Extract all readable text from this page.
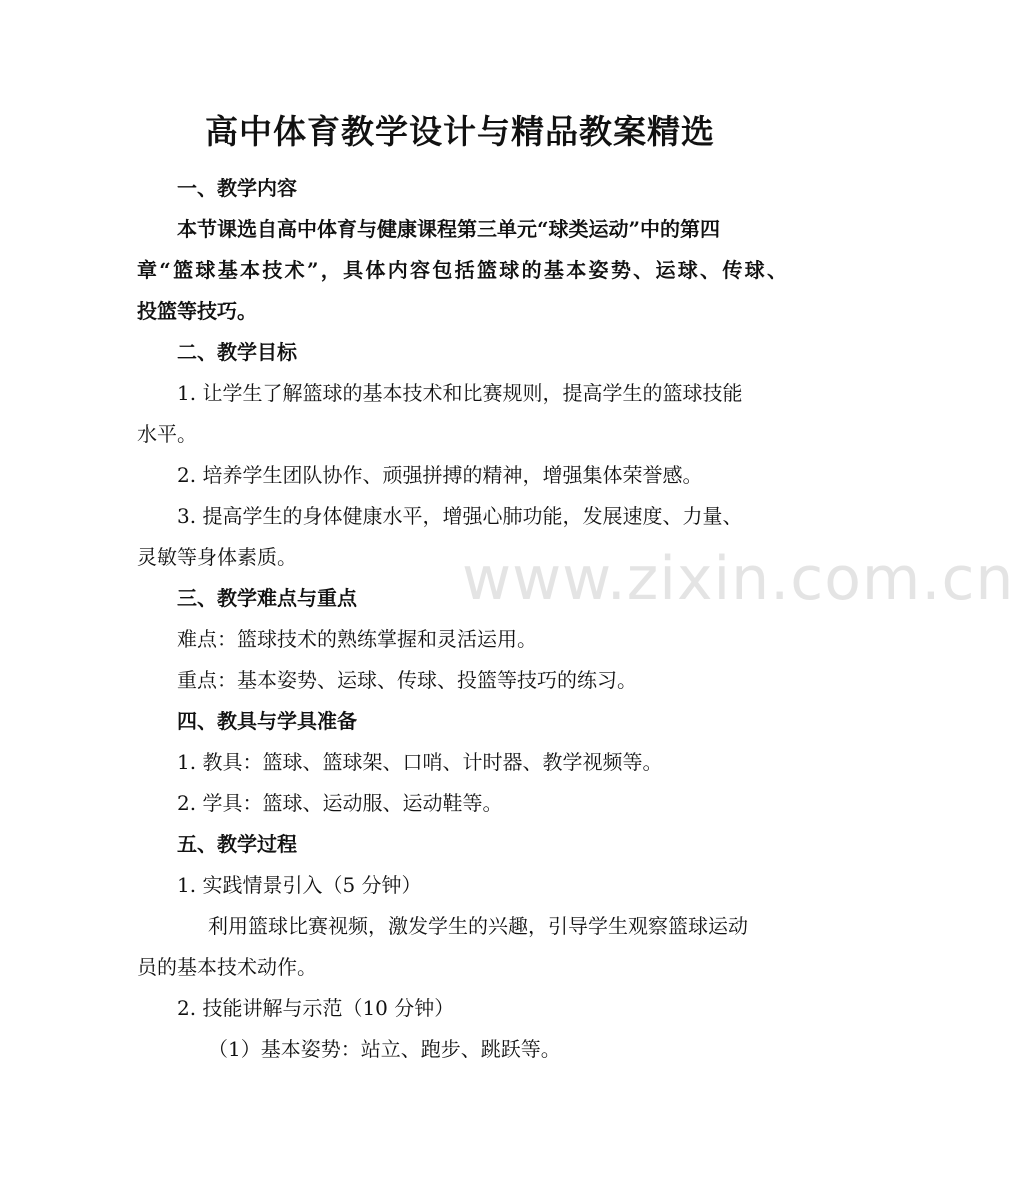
www.zixin.com.cn
高中体育教学设计与精品教案精选
一、教学内容
本节课选自高中体育与健康课程第三单元“球类运动”中的第四
章“篮球基本技术”，具体内容包括篮球的基本姿势、运球、传球、
投篮等技巧。
二、教学目标
1. 让学生了解篮球的基本技术和比赛规则，提高学生的篮球技能
水平。
2. 培养学生团队协作、顽强拼搏的精神，增强集体荣誉感。
3. 提高学生的身体健康水平，增强心肺功能，发展速度、力量、
灵敏等身体素质。
三、教学难点与重点
难点：篮球技术的熟练掌握和灵活运用。
重点：基本姿势、运球、传球、投篮等技巧的练习。
四、教具与学具准备
1. 教具：篮球、篮球架、口哨、计时器、教学视频等。
2. 学具：篮球、运动服、运动鞋等。
五、教学过程
1. 实践情景引入（5 分钟）
利用篮球比赛视频，激发学生的兴趣，引导学生观察篮球运动
员的基本技术动作。
2. 技能讲解与示范（10 分钟）
（1）基本姿势：站立、跑步、跳跃等。
